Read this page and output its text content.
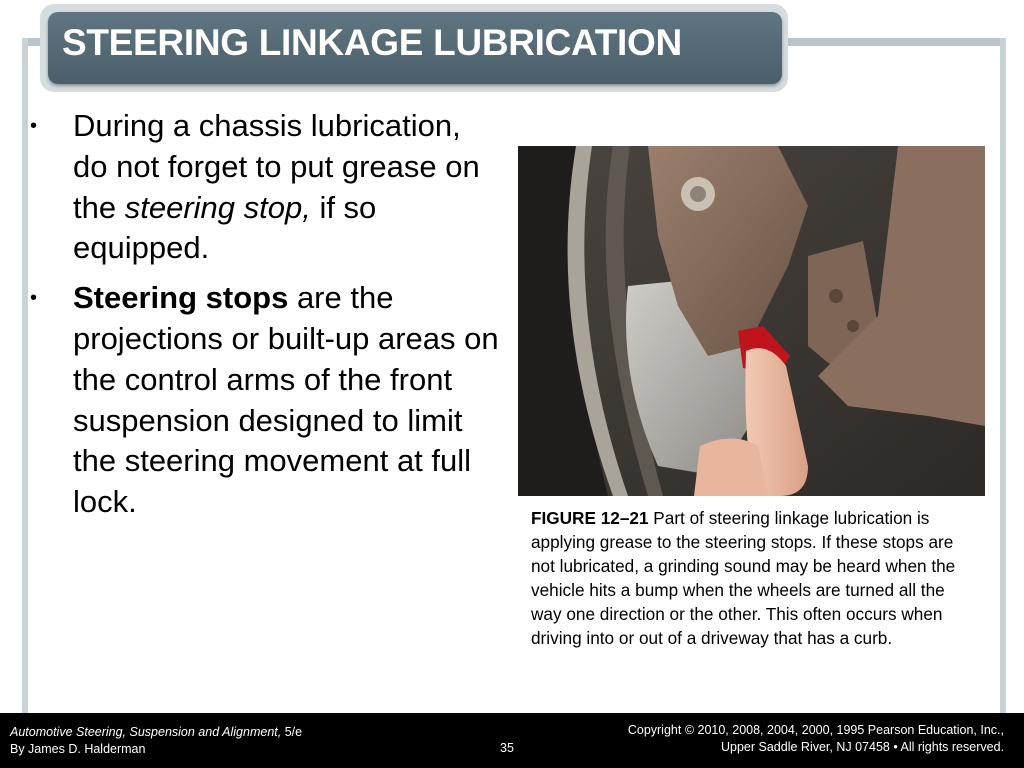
STEERING LINKAGE LUBRICATION
• During a chassis lubrication, do not forget to put grease on the steering stop, if so equipped.
• Steering stops are the projections or built-up areas on the control arms of the front suspension designed to limit the steering movement at full lock.	FIGURE 12–21 Part of steering linkage lubrication is applying grease to the steering stops. If these stops are not lubricated, a grinding sound may be heard when the vehicle hits a bump when the wheels are turned all the way one direction or the other. This often occurs when driving into or out of a driveway that has a curb.

Automotive Steering, Suspension and Alignment, 5/e
By James D. Halderman	35
Copyright © 2010, 2008, 2004, 2000, 1995 Pearson Education, Inc.,
Upper Saddle River, NJ 07458 • All rights reserved.
